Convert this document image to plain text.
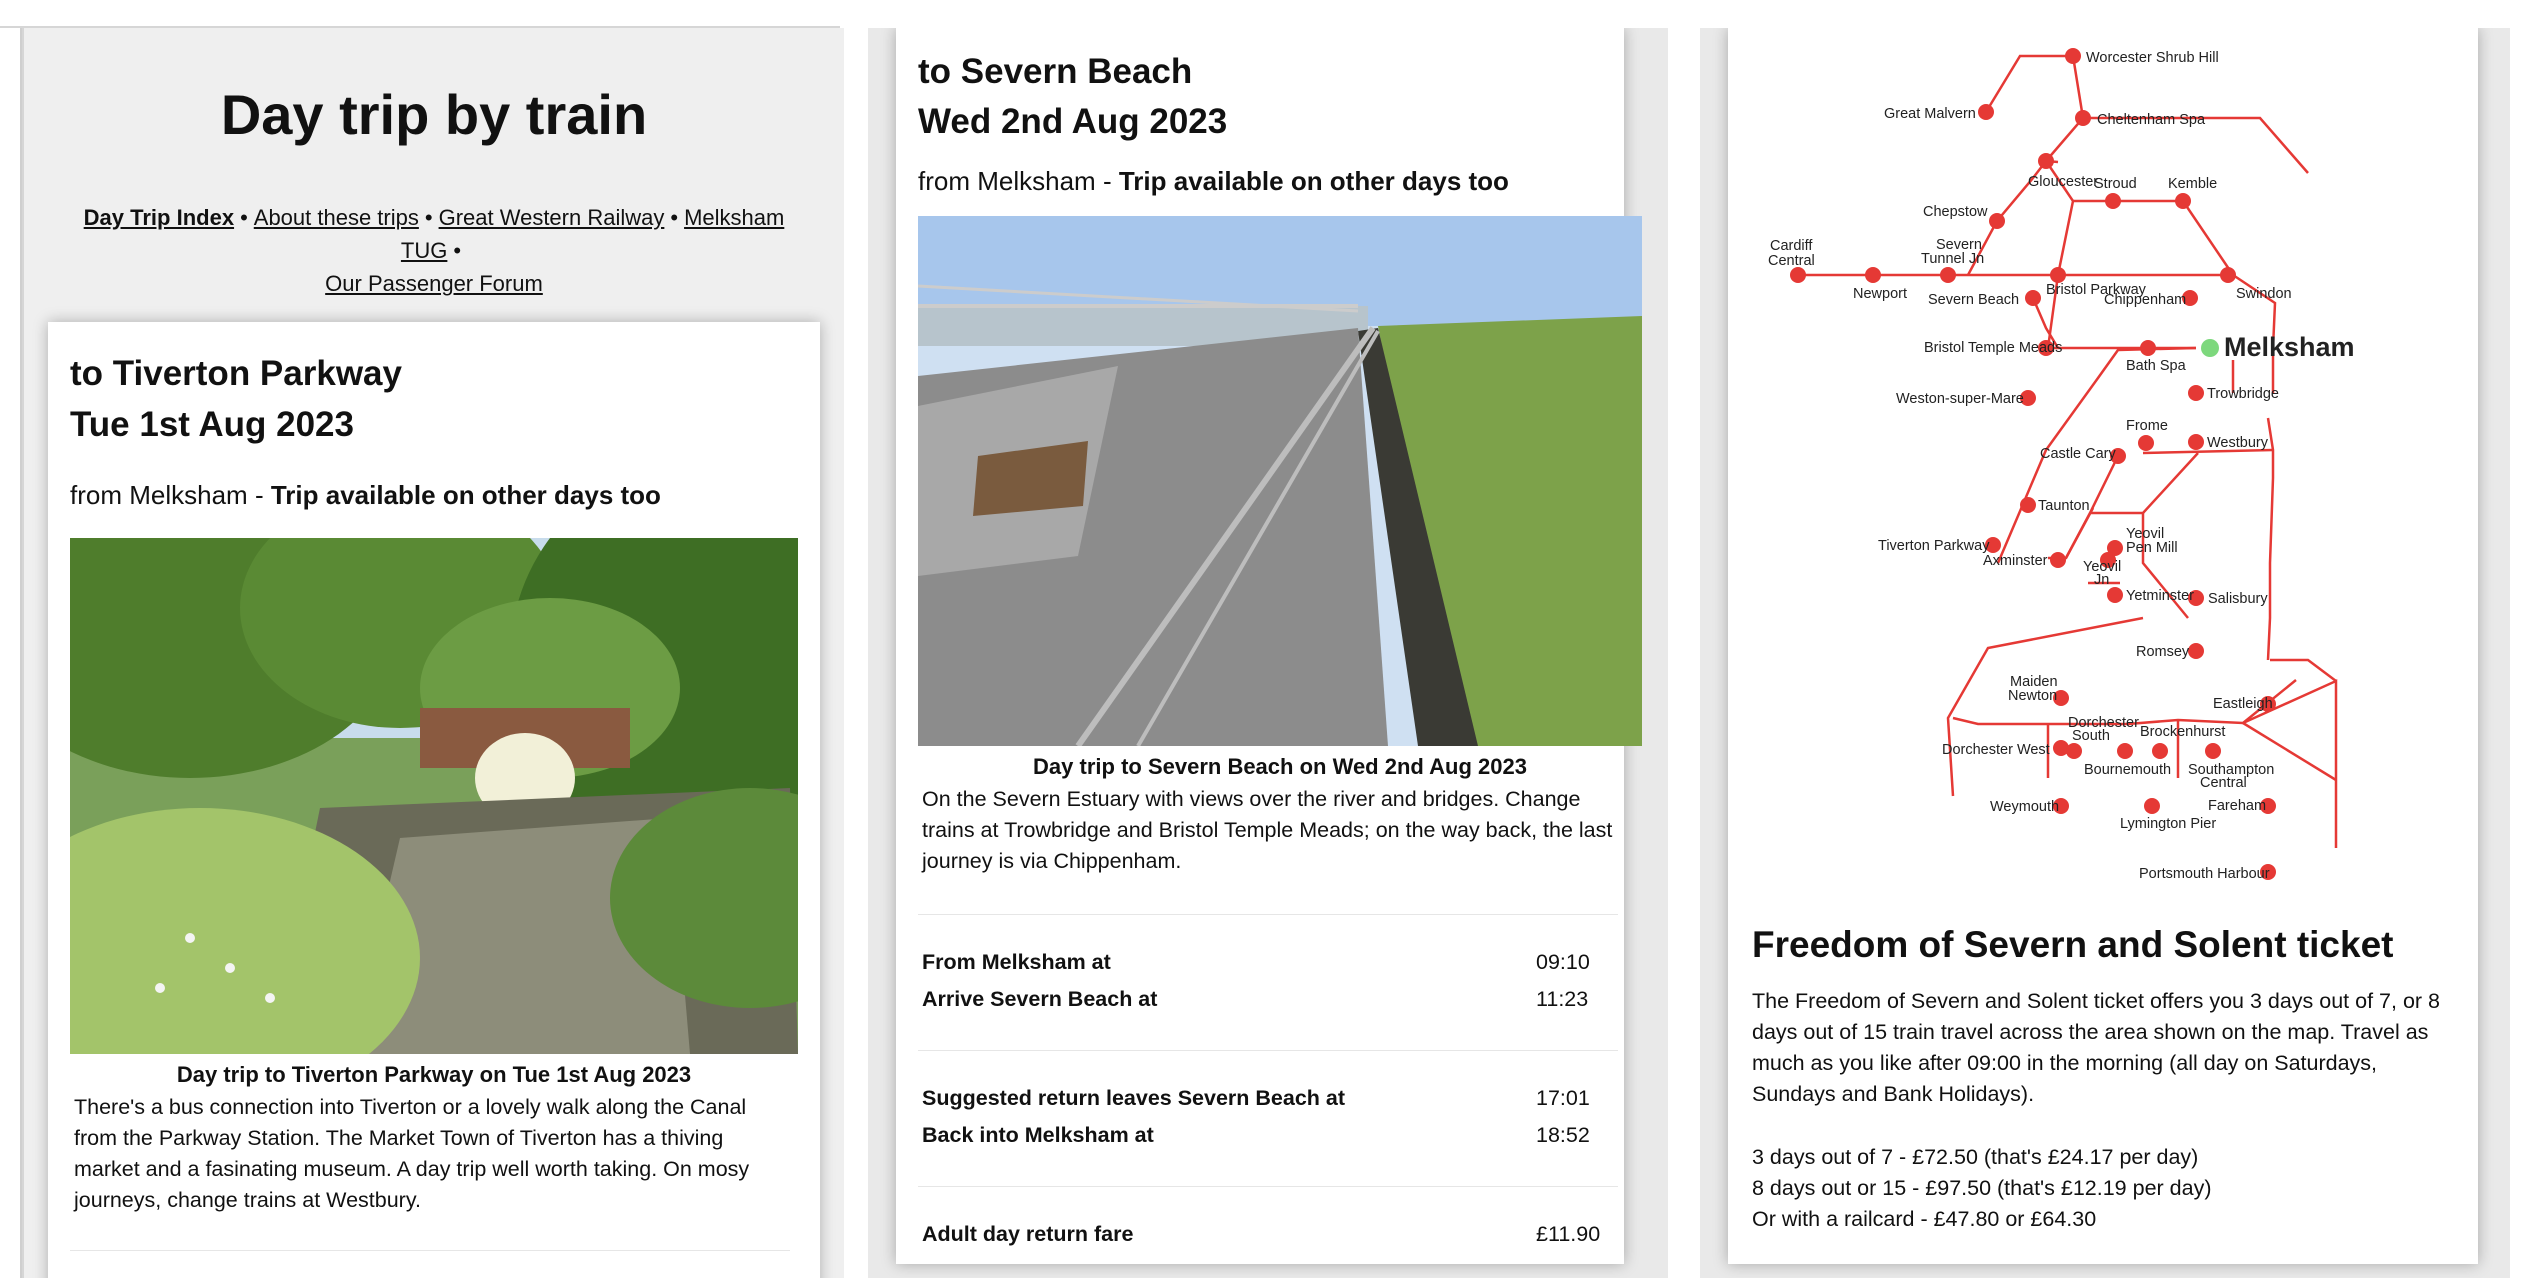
Day trip by train
Day Trip Index • About these trips • Great Western Railway • Melksham TUG •
Our Passenger Forum
to Tiverton Parkway
Tue 1st Aug 2023
from Melksham - Trip available on other days too
Day trip to Tiverton Parkway on Tue 1st Aug 2023
There's a bus connection into Tiverton or a lovely walk along the Canal from the Parkway Station. The Market Town of Tiverton has a thiving market and a fasinating museum. A day trip well worth taking. On mosy journeys, change trains at Westbury.
to Severn Beach
Wed 2nd Aug 2023
from Melksham - Trip available on other days too
Day trip to Severn Beach on Wed 2nd Aug 2023
On the Severn Estuary with views over the river and bridges. Change trains at Trowbridge and Bristol Temple Meads; on the way back, the last journey is via Chippenham.
From Melksham at	09:10
Arrive Severn Beach at	11:23
Suggested return leaves Severn Beach at	17:01
Back into Melksham at	18:52
Adult day return fare	£11.90
Worcester Shrub Hill
Great Malvern	Cheltenham Spa
Gloucester
Stroud Kemble
Chepstow
Cardiff
Central
Severn
Tunnel Jn
Newport Severn Beach
Bristol Parkway
Chippenham	Swindon
Melksham
Bristol Temple Meads
Bath Spa
Trowbridge
Weston-super-Mare
Frome
Westbury
Castle Cary
Taunton
Tiverton Parkway
Yeovil
Pen Mill
Axminster Yeovil
Jn
Yetminster Salisbury
Romsey
Eastleigh
Maiden
Newton
Dorchester
South Brockenhurst
Dorchester West
Bournemouth Southampton
Central
Fareham
Weymouth
Lymington Pier
Portsmouth Harbour
Freedom of Severn and Solent ticket
The Freedom of Severn and Solent ticket offers you 3 days out of 7, or 8 days out of 15 train travel across the area shown on the map. Travel as much as you like after 09:00 in the morning (all day on Saturdays, Sundays and Bank Holidays).
3 days out of 7 - £72.50 (that's £24.17 per day)
8 days out or 15 - £97.50 (that's £12.19 per day)
Or with a railcard - £47.80 or £64.30
